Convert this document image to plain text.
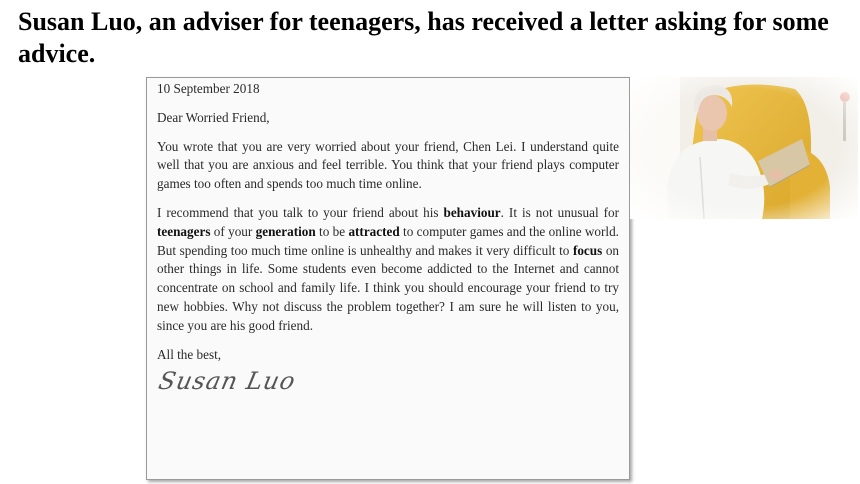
Susan Luo, an adviser for teenagers, has received a letter asking for some advice.

10 September 2018

Dear Worried Friend,

You wrote that you are very worried about your friend, Chen Lei. I understand quite well that you are anxious and feel terrible. You think that your friend plays computer games too often and spends too much time online.

I recommend that you talk to your friend about his behaviour. It is not unusual for teenagers of your generation to be attracted to computer games and the online world. But spending too much time online is unhealthy and makes it very difficult to focus on other things in life. Some students even become addicted to the Internet and cannot concentrate on school and family life. I think you should encourage your friend to try new hobbies. Why not discuss the problem together? I am sure he will listen to you, since you are his good friend.

All the best,

Susan Luo
